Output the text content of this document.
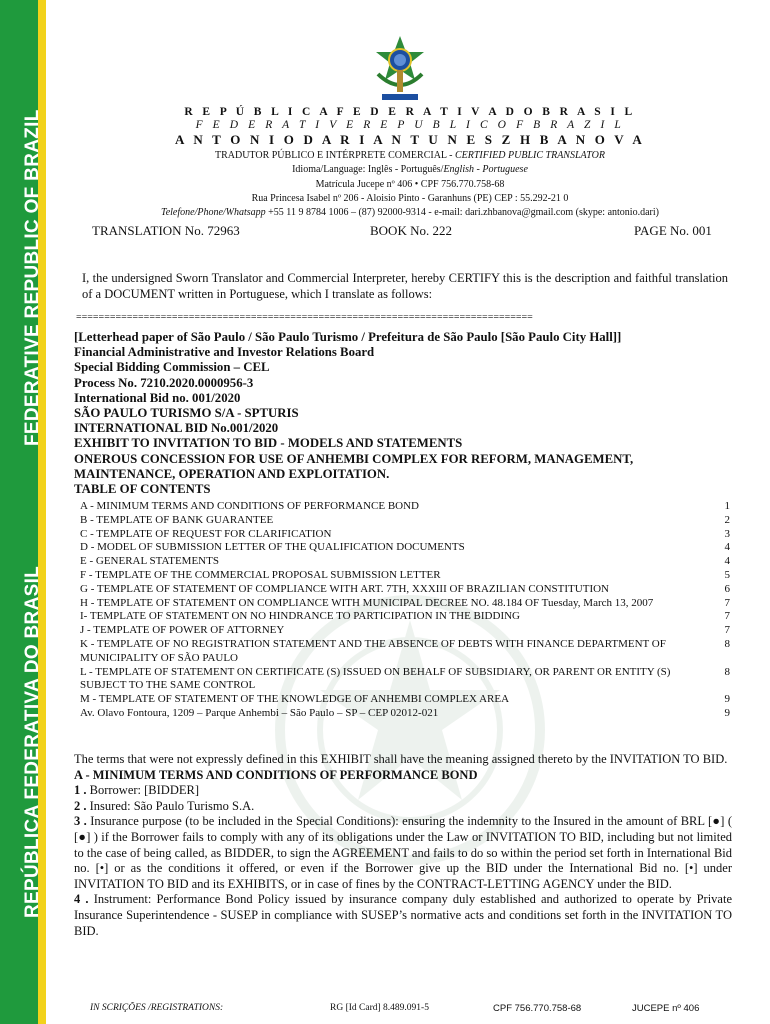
FEDERATIVE REPUBLIC OF BRAZIL
REPÚBLICA FEDERATIVA DO BRASIL
R E P Ú B L I C A F E D E R A T I V A D O B R A S I L
F E D E R A T I V E R E P U B L I C O F B R A Z I L
A N T O N I O D A R I A N T U N E S Z H B A N O V A
TRADUTOR PÚBLICO E INTÉRPRETE COMERCIAL - CERTIFIED PUBLIC TRANSLATOR
Idioma/Language: Inglês - Português/English - Portuguese
Matrícula Jucepe nº 406 • CPF 756.770.758-68
Rua Princesa Isabel nº 206 - Aloisio Pinto - Garanhuns (PE) CEP : 55.292-21 0
Telefone/Phone/Whatsapp +55 11 9 8784 1006 – (87) 92000-9314 - e-mail: dari.zhbanova@gmail.com (skype: antonio.dari)
TRANSLATION No. 72963	BOOK No. 222	PAGE No. 001
I, the undersigned Sworn Translator and Commercial Interpreter, hereby CERTIFY this is the description and faithful translation of a DOCUMENT written in Portuguese, which I translate as follows:
=================================================================================
[Letterhead paper of São Paulo / São Paulo Turismo / Prefeitura de São Paulo [São Paulo City Hall]]
Financial Administrative and Investor Relations Board
Special Bidding Commission – CEL
Process No. 7210.2020.0000956-3
International Bid no. 001/2020
SÃO PAULO TURISMO S/A - SPTURIS
INTERNATIONAL BID No.001/2020
EXHIBIT TO INVITATION TO BID - MODELS AND STATEMENTS
ONEROUS CONCESSION FOR USE OF ANHEMBI COMPLEX FOR REFORM, MANAGEMENT, MAINTENANCE, OPERATION AND EXPLOITATION.
TABLE OF CONTENTS
A - MINIMUM TERMS AND CONDITIONS OF PERFORMANCE BOND	1
B - TEMPLATE OF BANK GUARANTEE	2
C - TEMPLATE OF REQUEST FOR CLARIFICATION	3
D - MODEL OF SUBMISSION LETTER OF THE QUALIFICATION DOCUMENTS	4
E - GENERAL STATEMENTS	4
F - TEMPLATE OF THE COMMERCIAL PROPOSAL SUBMISSION LETTER	5
G - TEMPLATE OF STATEMENT OF COMPLIANCE WITH ART. 7TH, XXXIII OF BRAZILIAN CONSTITUTION	6
H - TEMPLATE OF STATEMENT ON COMPLIANCE WITH MUNICIPAL DECREE NO. 48.184 OF Tuesday, March 13, 2007	7
I- TEMPLATE OF STATEMENT ON NO HINDRANCE TO PARTICIPATION IN THE BIDDING	7
J - TEMPLATE OF POWER OF ATTORNEY	7
K - TEMPLATE OF NO REGISTRATION STATEMENT AND THE ABSENCE OF DEBTS WITH FINANCE DEPARTMENT OF MUNICIPALITY OF SÃO PAULO
8
L - TEMPLATE OF STATEMENT ON CERTIFICATE (S) ISSUED ON BEHALF OF SUBSIDIARY, OR PARENT OR ENTITY (S) SUBJECT TO THE SAME CONTROL
8
M - TEMPLATE OF STATEMENT OF THE KNOWLEDGE OF ANHEMBI COMPLEX AREA	9
Av. Olavo Fontoura, 1209 – Parque Anhembi – São Paulo – SP – CEP 02012-021	9
The terms that were not expressly defined in this EXHIBIT shall have the meaning assigned thereto by the INVITATION TO BID.
A - MINIMUM TERMS AND CONDITIONS OF PERFORMANCE BOND
1 . Borrower: [BIDDER]
2 . Insured: São Paulo Turismo S.A.
3 . Insurance purpose (to be included in the Special Conditions): ensuring the indemnity to the Insured in the amount of BRL [●] ( [●] ) if the Borrower fails to comply with any of its obligations under the Law or INVITATION TO BID, including but not limited to the case of being called, as BIDDER, to sign the AGREEMENT and fails to do so within the period set forth in International Bid no. [•] or as the conditions it offered, or even if the Borrower give up the BID under the International Bid no. [•] under INVITATION TO BID and its EXHIBITS, or in case of fines by the CONTRACT-LETTING AGENCY under the BID.
4 . Instrument: Performance Bond Policy issued by insurance company duly established and authorized to operate by Private Insurance Superintendence - SUSEP in compliance with SUSEP’s normative acts and conditions set forth in the INVITATION TO BID.
IN SCRIÇÕES /REGISTRATIONS:	RG [Id Card] 8.489.091-5	CPF 756.770.758-68	JUCEPE nº 406
